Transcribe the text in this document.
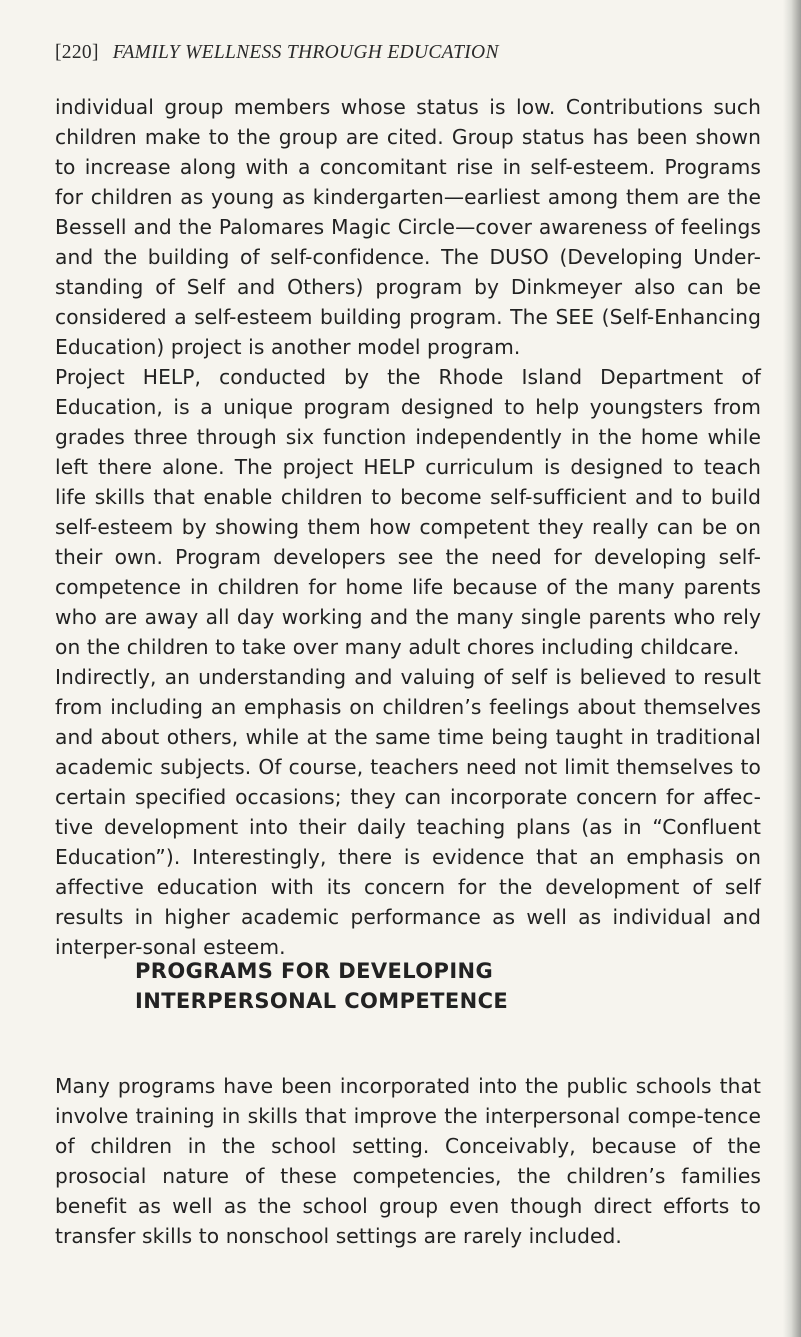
[220] FAMILY WELLNESS THROUGH EDUCATION

individual group members whose status is low. Contributions such children make to the group are cited. Group status has been shown to increase along with a concomitant rise in self-esteem. Programs for children as young as kindergarten—earliest among them are the Bessell and the Palomares Magic Circle—cover awareness of feelings and the building of self-confidence. The DUSO (Developing Under-standing of Self and Others) program by Dinkmeyer also can be considered a self-esteem building program. The SEE (Self-Enhancing Education) project is another model program.

Project HELP, conducted by the Rhode Island Department of Education, is a unique program designed to help youngsters from grades three through six function independently in the home while left there alone. The project HELP curriculum is designed to teach life skills that enable children to become self-sufficient and to build self-esteem by showing them how competent they really can be on their own. Program developers see the need for developing self-competence in children for home life because of the many parents who are away all day working and the many single parents who rely on the children to take over many adult chores including childcare.

Indirectly, an understanding and valuing of self is believed to result from including an emphasis on children’s feelings about themselves and about others, while at the same time being taught in traditional academic subjects. Of course, teachers need not limit themselves to certain specified occasions; they can incorporate concern for affec-tive development into their daily teaching plans (as in “Confluent Education”). Interestingly, there is evidence that an emphasis on affective education with its concern for the development of self results in higher academic performance as well as individual and interper-sonal esteem.

PROGRAMS FOR DEVELOPING
INTERPERSONAL COMPETENCE

Many programs have been incorporated into the public schools that involve training in skills that improve the interpersonal compe-tence of children in the school setting. Conceivably, because of the prosocial nature of these competencies, the children’s families benefit as well as the school group even though direct efforts to transfer skills to nonschool settings are rarely included.
